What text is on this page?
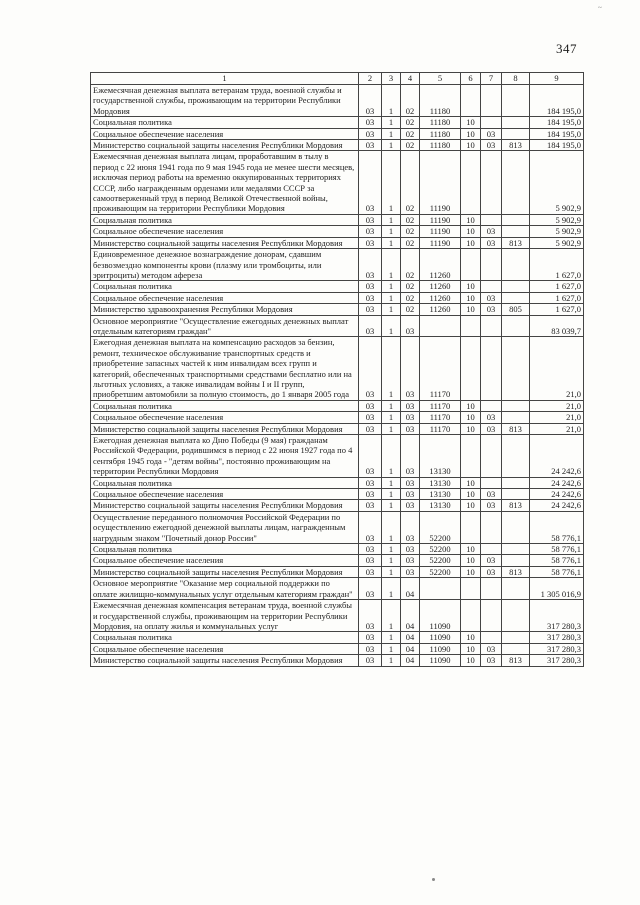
~
347
1	2	3	4	5	6	7	8	9
Ежемесячная денежная выплата ветеранам труда, военной службы и государственной службы, проживающим на территории Республики Мордовия	03	1	02	11180				184 195,0
Социальная политика	03	1	02	11180	10			184 195,0
Социальное обеспечение населения	03	1	02	11180	10	03		184 195,0
Министерство социальной защиты населения Республики Мордовия	03	1	02	11180	10	03	813	184 195,0
Ежемесячная денежная выплата лицам, проработавшим в тылу в период с 22 июня 1941 года по 9 мая 1945 года не менее шести месяцев, исключая период работы на временно оккупированных территориях СССР, либо награжденным орденами или медалями СССР за самоотверженный труд в период Великой Отечественной войны, проживающим на территории Республики Мордовия	03	1	02	11190				5 902,9
Социальная политика	03	1	02	11190	10			5 902,9
Социальное обеспечение населения	03	1	02	11190	10	03		5 902,9
Министерство социальной защиты населения Республики Мордовия	03	1	02	11190	10	03	813	5 902,9
Единовременное денежное вознаграждение донорам, сдавшим безвозмездно компоненты крови (плазму или тромбоциты, или эритроциты) методом афереза	03	1	02	11260				1 627,0
Социальная политика	03	1	02	11260	10			1 627,0
Социальное обеспечение населения	03	1	02	11260	10	03		1 627,0
Министерство здравоохранения Республики Мордовия	03	1	02	11260	10	03	805	1 627,0
Основное мероприятие "Осуществление ежегодных денежных выплат отдельным категориям граждан"	03	1	03					83 039,7
Ежегодная денежная выплата на компенсацию расходов за бензин, ремонт, техническое обслуживание транспортных средств и приобретение запасных частей к ним инвалидам всех групп и категорий, обеспеченных транспортными средствами бесплатно или на льготных условиях, а также инвалидам войны I и II групп, приобретшим автомобили за полную стоимость, до 1 января 2005 года	03	1	03	11170				21,0
Социальная политика	03	1	03	11170	10			21,0
Социальное обеспечение населения	03	1	03	11170	10	03		21,0
Министерство социальной защиты населения Республики Мордовия	03	1	03	11170	10	03	813	21,0
Ежегодная денежная выплата ко Дню Победы (9 мая) гражданам Российской Федерации, родившимся в период с 22 июня 1927 года по 4 сентября 1945 года - "детям войны", постоянно проживающим на территории Республики Мордовия	03	1	03	13130				24 242,6
Социальная политика	03	1	03	13130	10			24 242,6
Социальное обеспечение населения	03	1	03	13130	10	03		24 242,6
Министерство социальной защиты населения Республики Мордовия	03	1	03	13130	10	03	813	24 242,6
Осуществление переданного полномочия Российской Федерации по осуществлению ежегодной денежной выплаты лицам, награжденным нагрудным знаком "Почетный донор России"	03	1	03	52200				58 776,1
Социальная политика	03	1	03	52200	10			58 776,1
Социальное обеспечение населения	03	1	03	52200	10	03		58 776,1
Министерство социальной защиты населения Республики Мордовия	03	1	03	52200	10	03	813	58 776,1
Основное мероприятие "Оказание мер социальной поддержки по оплате жилищно-коммунальных услуг отдельным категориям граждан"	03	1	04					1 305 016,9
Ежемесячная денежная компенсация ветеранам труда, военной службы и государственной службы, проживающим на территории Республики Мордовия, на оплату жилья и коммунальных услуг	03	1	04	11090				317 280,3
Социальная политика	03	1	04	11090	10			317 280,3
Социальное обеспечение населения	03	1	04	11090	10	03		317 280,3
Министерство социальной защиты населения Республики Мордовия	03	1	04	11090	10	03	813	317 280,3
